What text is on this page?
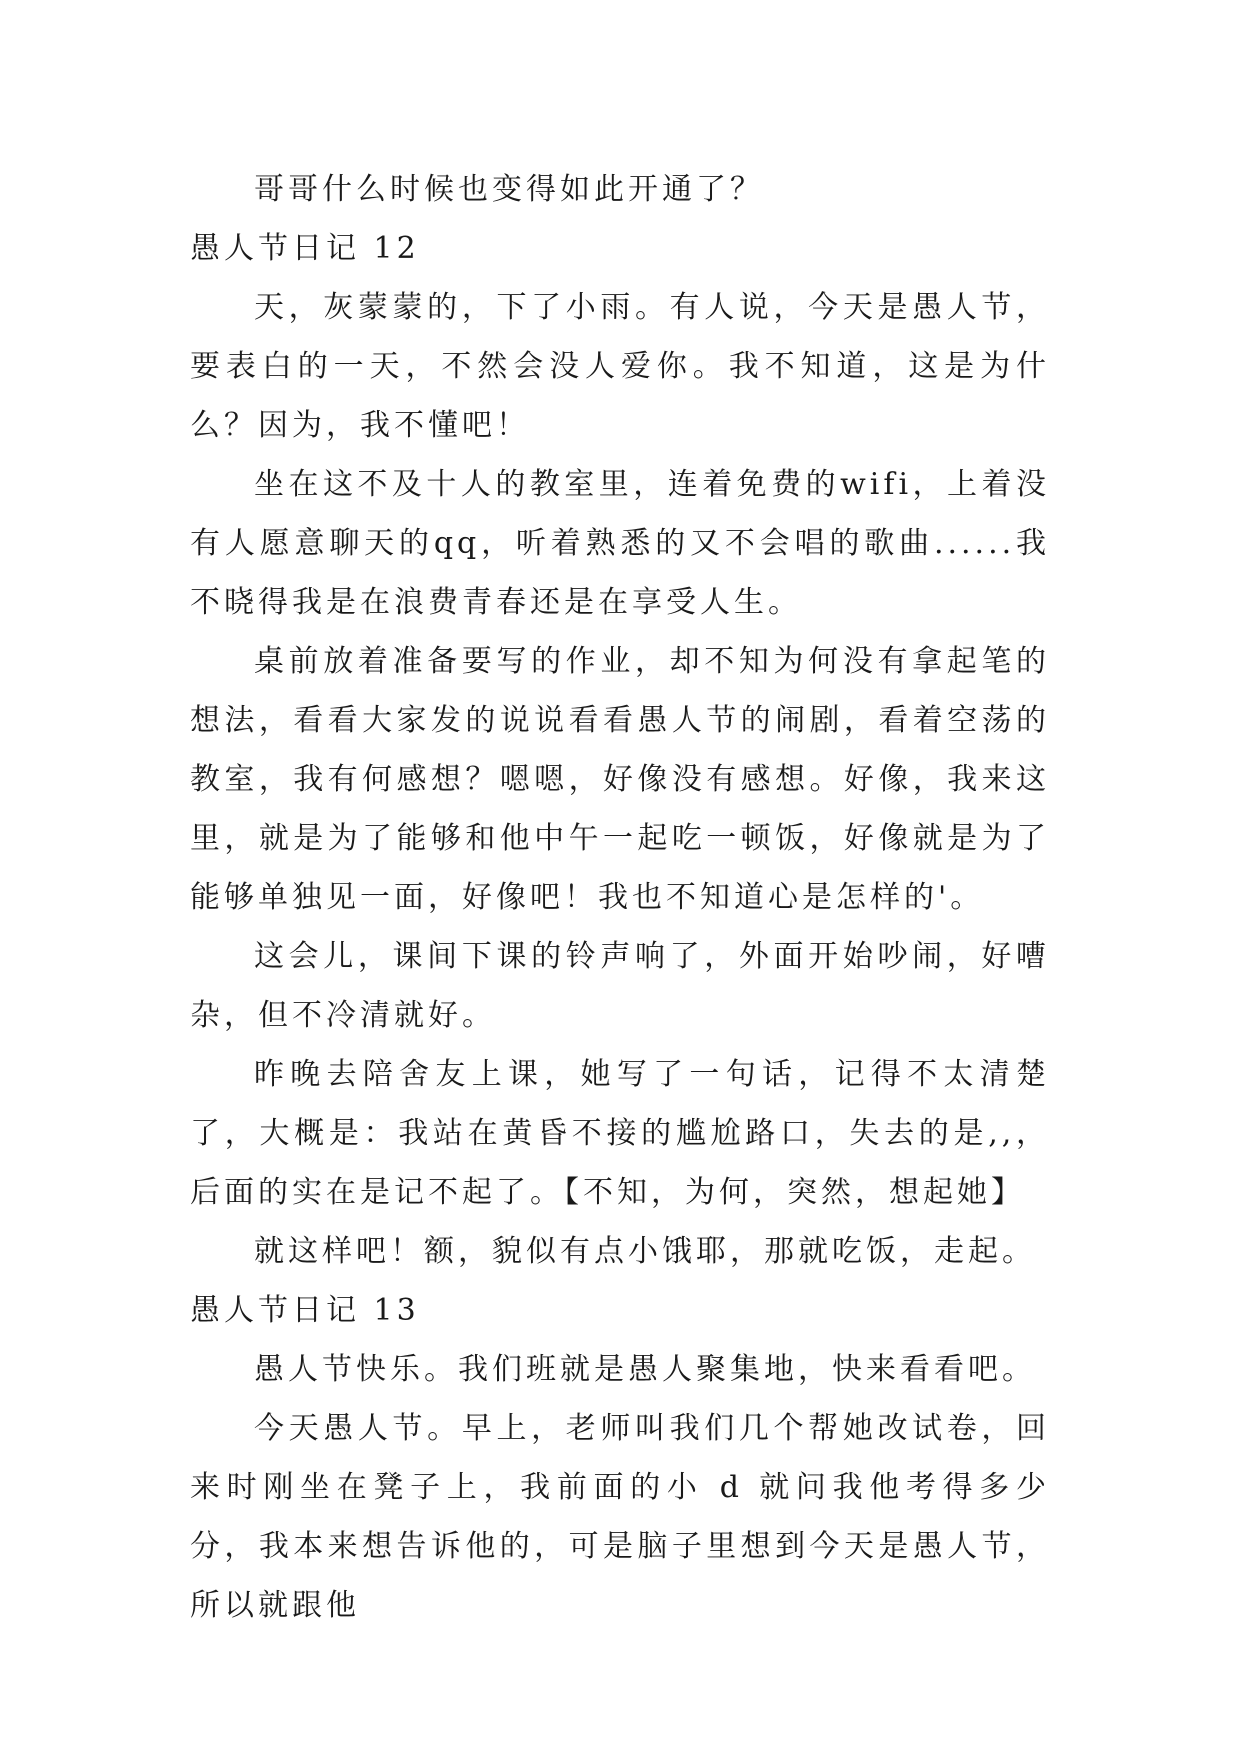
哥哥什么时候也变得如此开通了？

愚人节日记 12

天，灰蒙蒙的，下了小雨。有人说，今天是愚人节，要表白的一天，不然会没人爱你。我不知道，这是为什么？因为，我不懂吧！

坐在这不及十人的教室里，连着免费的wifi，上着没有人愿意聊天的qq，听着熟悉的又不会唱的歌曲......我不晓得我是在浪费青春还是在享受人生。

桌前放着准备要写的作业，却不知为何没有拿起笔的想法，看看大家发的说说看看愚人节的闹剧，看着空荡的教室，我有何感想？嗯嗯，好像没有感想。好像，我来这里，就是为了能够和他中午一起吃一顿饭，好像就是为了能够单独见一面，好像吧！我也不知道心是怎样的'。

这会儿，课间下课的铃声响了，外面开始吵闹，好嘈杂，但不冷清就好。

昨晚去陪舍友上课，她写了一句话，记得不太清楚了，大概是：我站在黄昏不接的尴尬路口，失去的是,,，后面的实在是记不起了。【不知，为何，突然，想起她】

就这样吧！额，貌似有点小饿耶，那就吃饭，走起。

愚人节日记 13

愚人节快乐。我们班就是愚人聚集地，快来看看吧。

今天愚人节。早上，老师叫我们几个帮她改试卷，回来时刚坐在凳子上，我前面的小 d 就问我他考得多少分，我本来想告诉他的，可是脑子里想到今天是愚人节，所以就跟他
